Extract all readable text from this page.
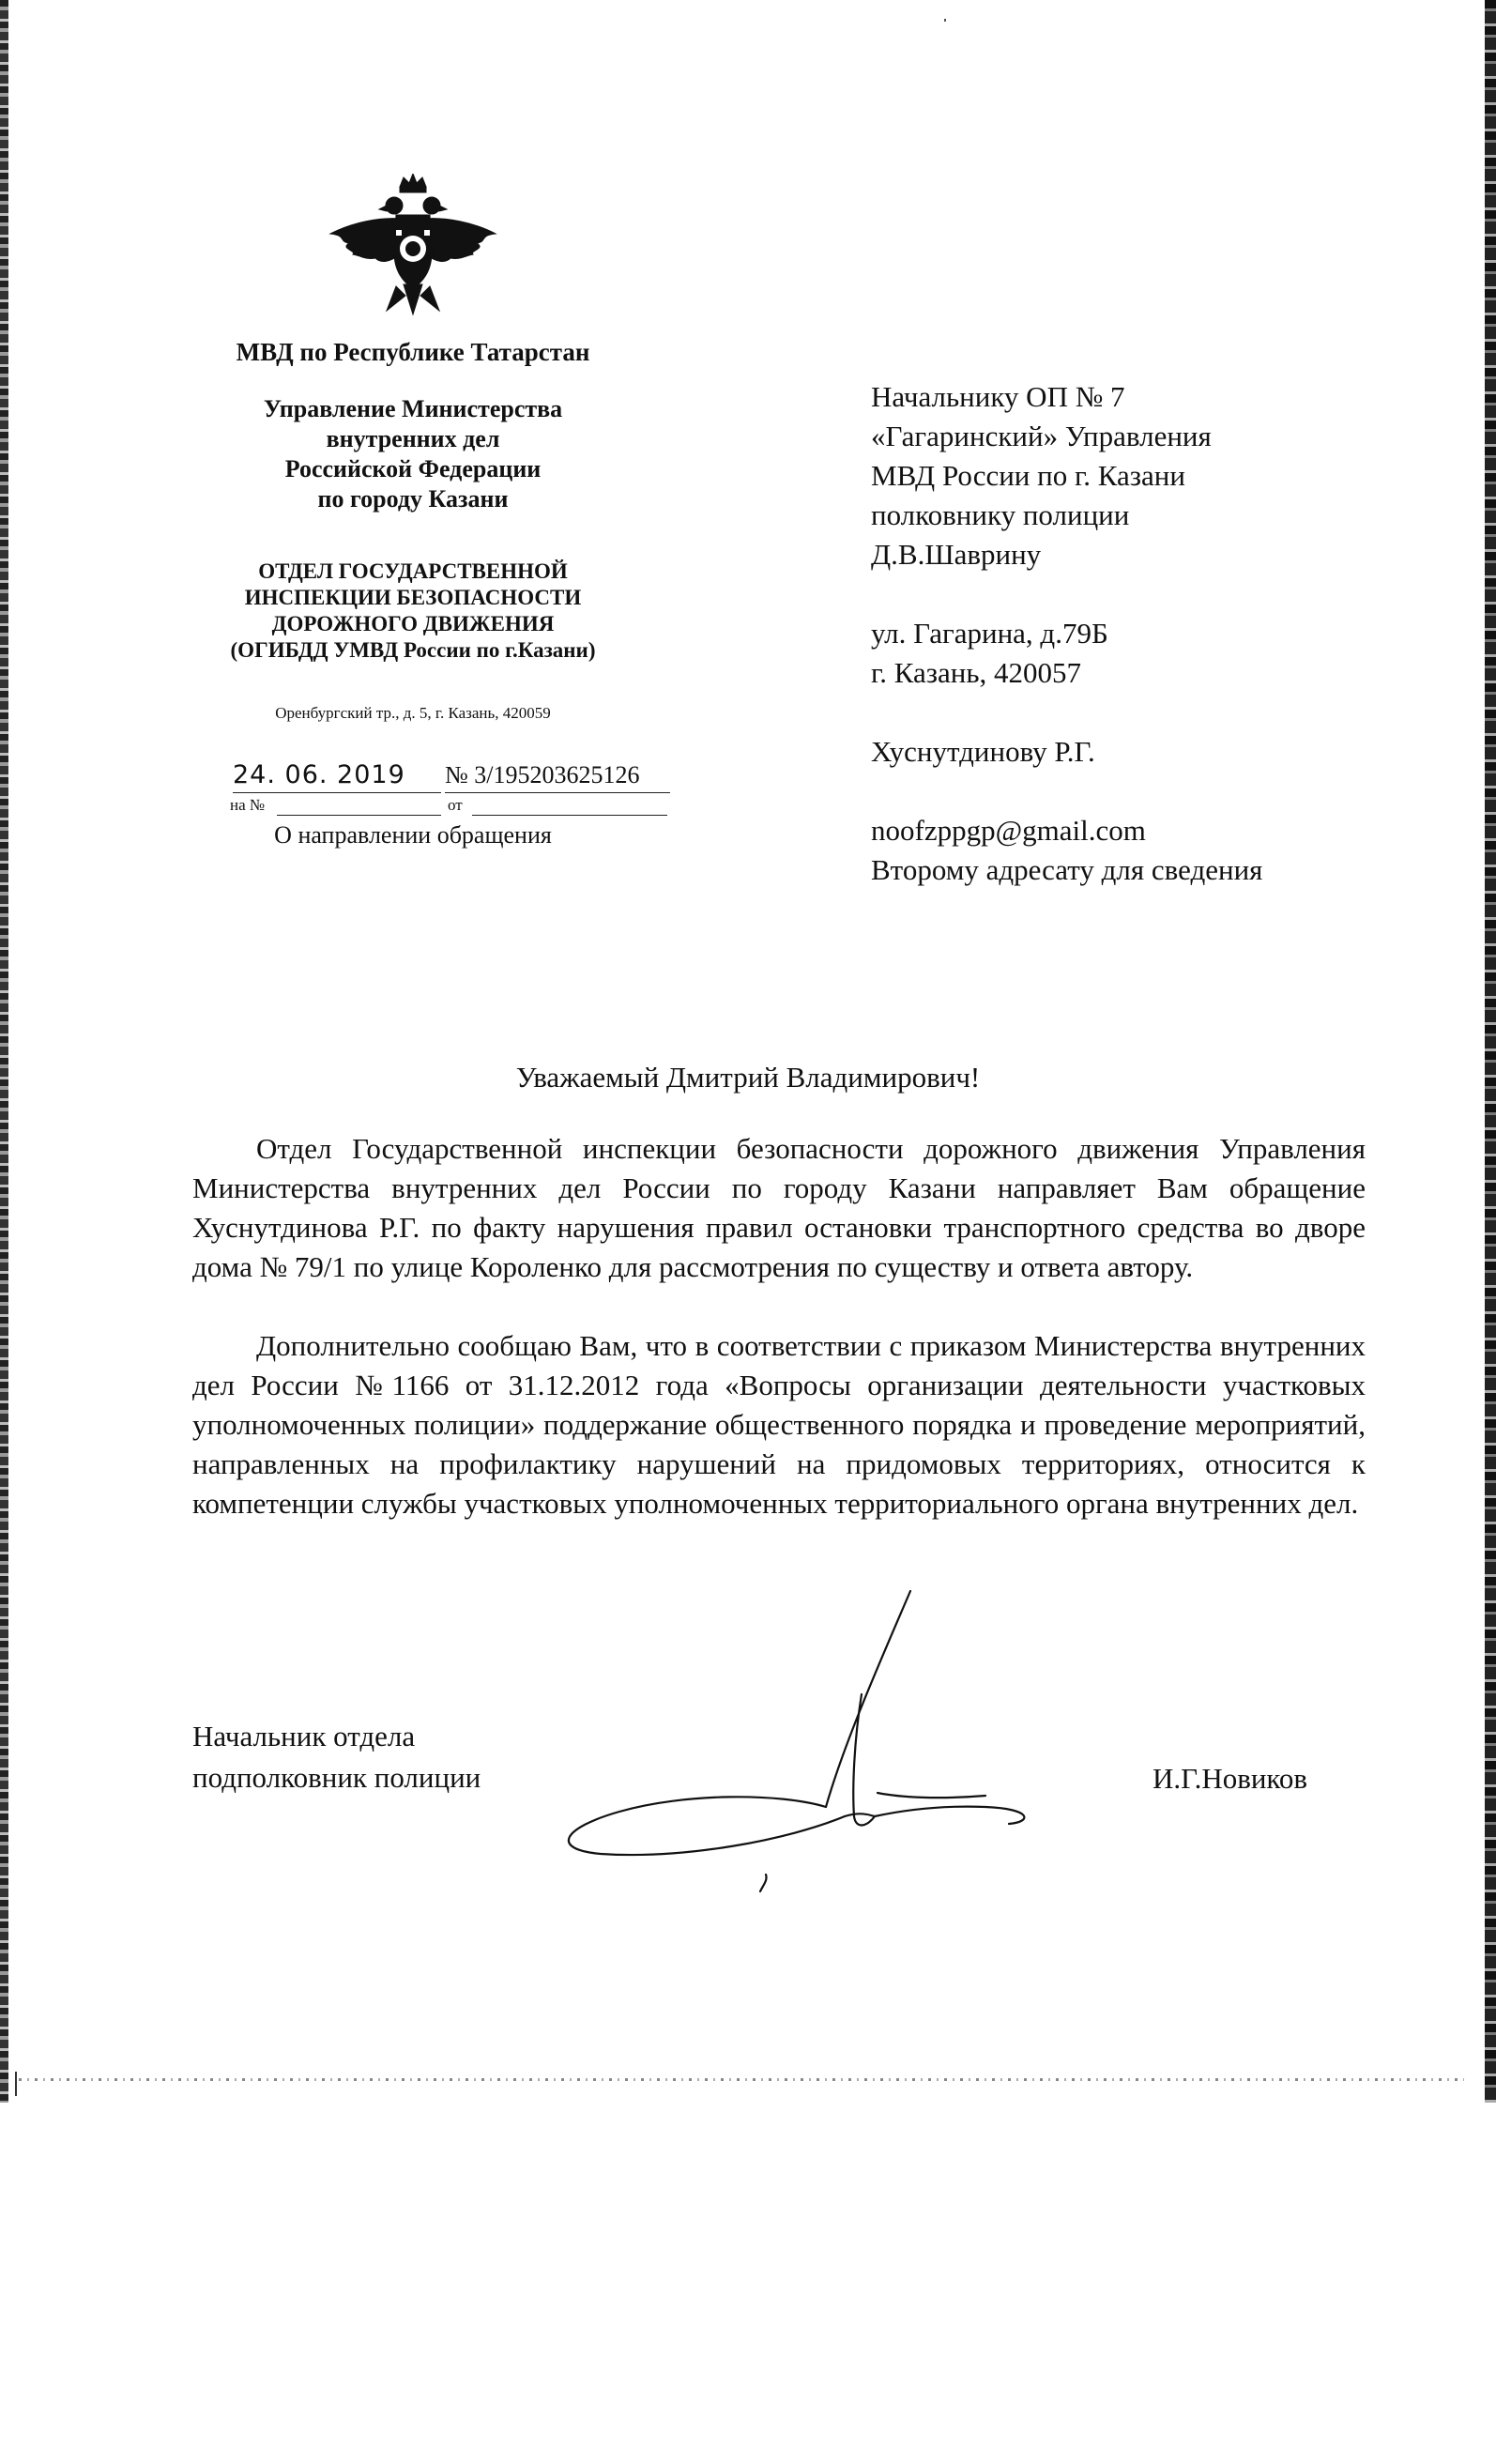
МВД по Республике Татарстан
Управление Министерства
внутренних дел
Российской Федерации
по городу Казани
ОТДЕЛ ГОСУДАРСТВЕННОЙ
ИНСПЕКЦИИ БЕЗОПАСНОСТИ
ДОРОЖНОГО ДВИЖЕНИЯ
(ОГИБДД УМВД России по г.Казани)
Оренбургский тр., д. 5, г. Казань, 420059
24. 06. 2019 № 3/195203625126
на №	от
О направлении обращения
Начальнику ОП № 7
«Гагаринский» Управления
МВД России по г. Казани
полковнику полиции
Д.В.Шаврину
ул. Гагарина, д.79Б
г. Казань, 420057
Хуснутдинову Р.Г.
noofzppgp@gmail.com
Второму адресату для сведения
Уважаемый Дмитрий Владимирович!

Отдел Государственной инспекции безопасности дорожного движения Управления Министерства внутренних дел России по городу Казани направляет Вам обращение Хуснутдинова Р.Г. по факту нарушения правил остановки транспортного средства во дворе дома № 79/1 по улице Короленко для рассмотрения по существу и ответа автору.

Дополнительно сообщаю Вам, что в соответствии с приказом Министерства внутренних дел России №1166 от 31.12.2012 года «Вопросы организации деятельности участковых уполномоченных полиции» поддержание общественного порядка и проведение мероприятий, направленных на профилактику нарушений на придомовых территориях, относится к компетенции службы участковых уполномоченных территориального органа внутренних дел.

Начальник отдела
подполковник полиции	И.Г.Новиков
